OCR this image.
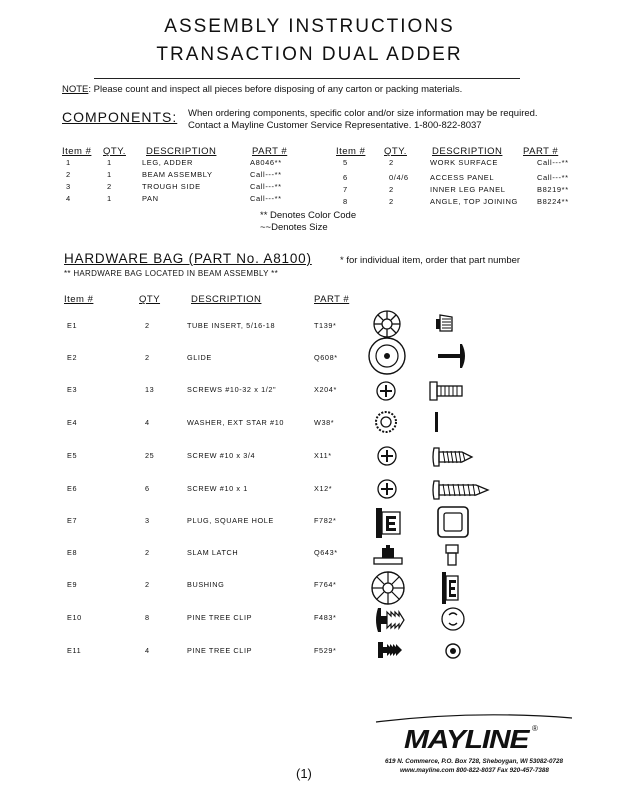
ASSEMBLY INSTRUCTIONS
TRANSACTION DUAL ADDER
NOTE: Please count and inspect all pieces before disposing of any carton or packing materials.
COMPONENTS: When ordering components, specific color and/or size information may be required.
Contact a Mayline Customer Service Representative. 1-800-822-8037
Item # QTY. DESCRIPTION	PART #	Item # QTY.	DESCRIPTION PART #
1	1	LEG, ADDER	A8046**
2	1	BEAM ASSEMBLY	Call---**
3	2	TROUGH SIDE	Call---**
4	1	PAN	Call---**
5	2	WORK SURFACE	Call---**
6	0/4/6	ACCESS PANEL	Call---**
7	2	INNER LEG PANEL	B8219**
8	2	ANGLE, TOP JOINING	B8224**
** Denotes Color Code
~~Denotes Size
HARDWARE BAG (PART No. A8100)	* for individual item, order that part number
** HARDWARE BAG LOCATED IN BEAM ASSEMBLY **
Item #	QTY	DESCRIPTION	PART #
E1	2	TUBE INSERT, 5/16-18	T139*
E2	2	GLIDE	Q608*
E3	13	SCREWS #10-32 x 1/2"	X204*
E4	4	WASHER, EXT STAR #10	W38*
E5	25	SCREW #10 x 3/4	X11*
E6	6	SCREW #10 x 1	X12*
E7	3	PLUG, SQUARE HOLE	F782*
E8	2	SLAM LATCH	Q643*
E9	2	BUSHING	F764*
E10	8	PINE TREE CLIP	F483*
E11	4	PINE TREE CLIP	F529*
MAYLINE ®
619 N. Commerce, P.O. Box 728, Sheboygan, WI 53082-0728
www.mayline.com 800-822-8037 Fax 920-457-7388
(1)
